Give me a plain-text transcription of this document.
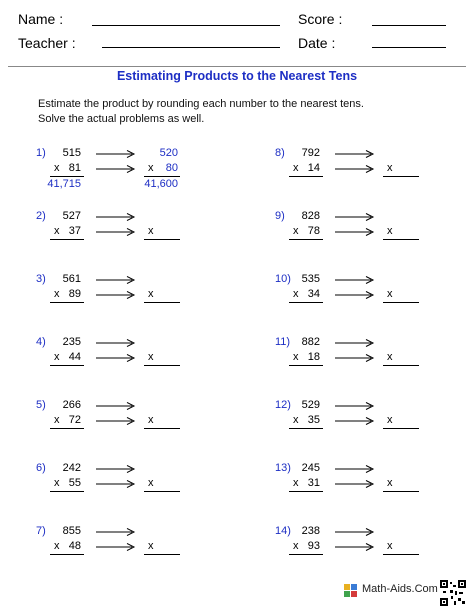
Name :	Score :
Teacher :	Date :
Estimating Products to the Nearest Tens
Estimate the product by rounding each number to the nearest tens.
Solve the actual problems as well.
1)	515
x 81
520
x	80
41,715	41,600
2)	527
x 37	x
3)	561
x 89	x
4)	235
x 44	x
5)	266
x 72	x
6)	242
x 55	x
7)	855
x 48	x
8)	792
x 14	x
9)	828
x 78	x
10) 535
x 34	x
11)	882
x 18	x
12) 529
x 35	x
13) 245
x 31	x
14) 238
x 93	x
Math-Aids.Com
